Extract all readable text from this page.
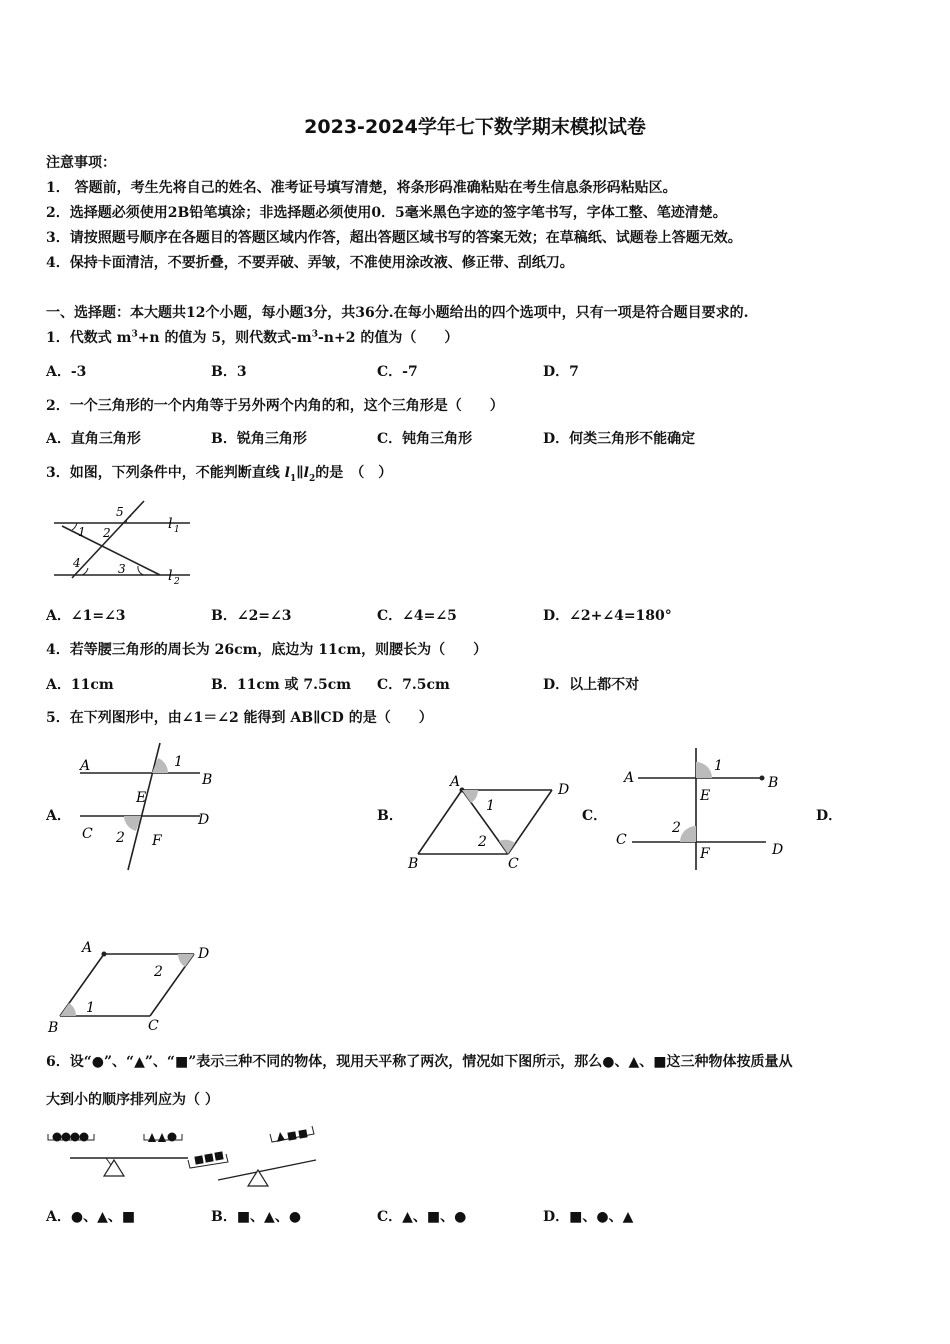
2023-2024学年七下数学期末模拟试卷
注意事项：
1． 答题前，考生先将自己的姓名、准考证号填写清楚，将条形码准确粘贴在考生信息条形码粘贴区。
2．选择题必须使用2B铅笔填涂；非选择题必须使用0．5毫米黑色字迹的签字笔书写，字体工整、笔迹清楚。
3．请按照题号顺序在各题目的答题区域内作答，超出答题区域书写的答案无效；在草稿纸、试题卷上答题无效。
4．保持卡面清洁，不要折叠，不要弄破、弄皱，不准使用涂改液、修正带、刮纸刀。
一、选择题：本大题共12个小题，每小题3分，共36分.在每小题给出的四个选项中，只有一项是符合题目要求的.
1．代数式 $m^3+n$ 的值为 5，则代数式$-m^3-n+2$ 的值为（　　）
A．-3	B．3	C．-7	D．7
2．一个三角形的一个内角等于另外两个内角的和，这个三角形是（　　）
A．直角三角形	B．锐角三角形	C．钝角三角形	D．何类三角形不能确定
3．如图，下列条件中，不能判断直线 $l_1\parallel l_2$的是　（　）
5
1 2
4	3
l 1
l 2
A．∠1=∠3	B．∠2=∠3	C．∠4=∠5	D．∠2+∠4=180°
4．若等腰三角形的周长为 26cm，底边为 11cm，则腰长为（　　）
A．11cm	B．11cm 或 7.5cm C．7.5cm	D．以上都不对
5．在下列图形中，由∠1＝∠2 能得到 AB∥CD 的是（　　）
A．
A
B
C
D
E
F
1
2
B．
A	D
B	C
1
2
C．
A	B
C
D
E
F
1
2
D．
A	D
B	C
1
2
6．设“●”、“▲”、“■”表示三种不同的物体，现用天平称了两次，情况如下图所示，那么●、▲、■这三种物体按质量从
大到小的顺序排列应为（ ）
A．●、▲、■	B．■、▲、●	C．▲、■、●	D．■、●、▲
